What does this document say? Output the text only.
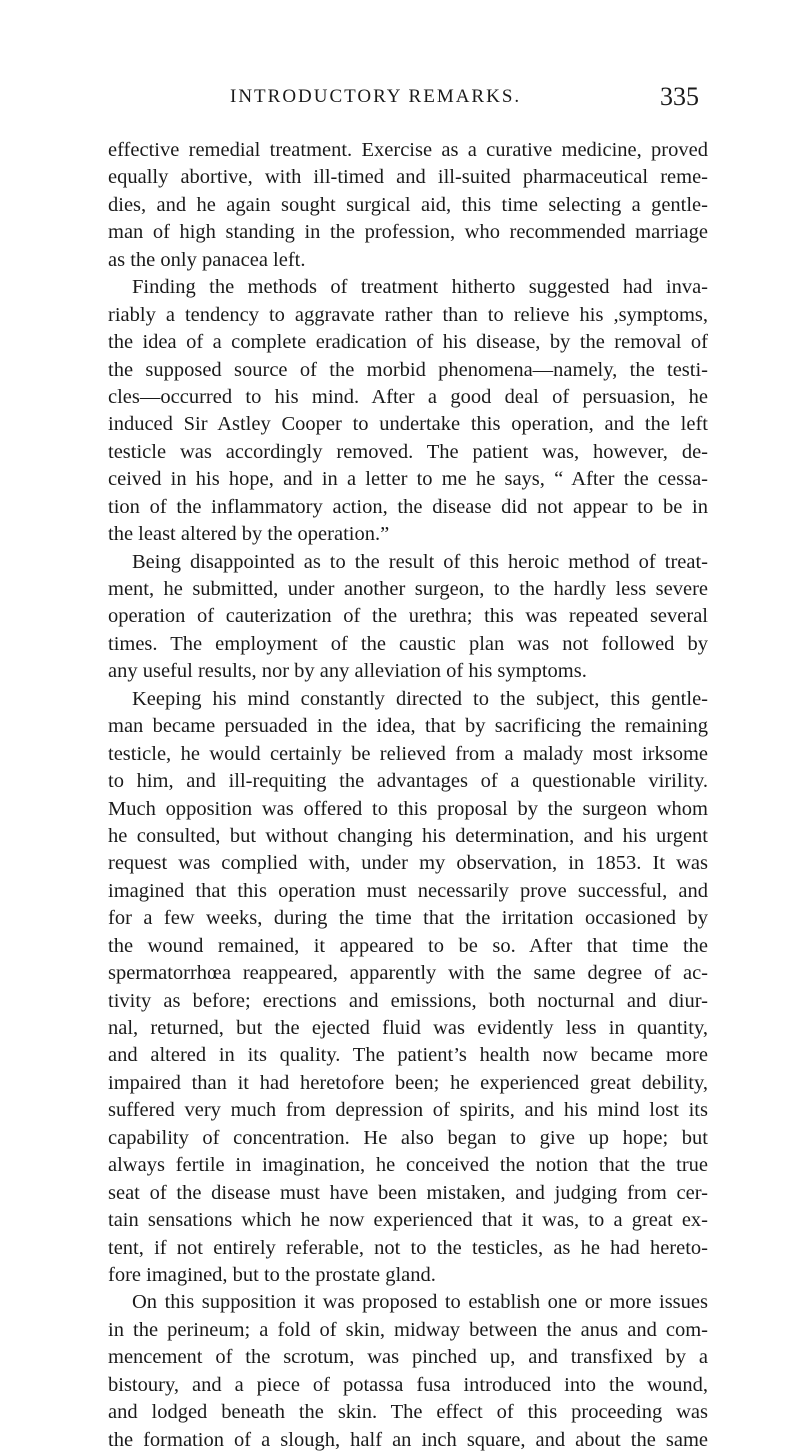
INTRODUCTORY REMARKS.	335
effective remedial treatment. Exercise as a curative medicine, proved
equally abortive, with ill-timed and ill-suited pharmaceutical reme-
dies, and he again sought surgical aid, this time selecting a gentle-
man of high standing in the profession, who recommended marriage
as the only panacea left.
Finding the methods of treatment hitherto suggested had inva-
riably a tendency to aggravate rather than to relieve his ,symptoms,
the idea of a complete eradication of his disease, by the removal of
the supposed source of the morbid phenomena—namely, the testi-
cles—occurred to his mind. After a good deal of persuasion, he
induced Sir Astley Cooper to undertake this operation, and the left
testicle was accordingly removed. The patient was, however, de-
ceived in his hope, and in a letter to me he says, “ After the cessa-
tion of the inflammatory action, the disease did not appear to be in
the least altered by the operation.”
Being disappointed as to the result of this heroic method of treat-
ment, he submitted, under another surgeon, to the hardly less severe
operation of cauterization of the urethra; this was repeated several
times. The employment of the caustic plan was not followed by
any useful results, nor by any alleviation of his symptoms.
Keeping his mind constantly directed to the subject, this gentle-
man became persuaded in the idea, that by sacrificing the remaining
testicle, he would certainly be relieved from a malady most irksome
to him, and ill-requiting the advantages of a questionable virility.
Much opposition was offered to this proposal by the surgeon whom
he consulted, but without changing his determination, and his urgent
request was complied with, under my observation, in 1853. It was
imagined that this operation must necessarily prove successful, and
for a few weeks, during the time that the irritation occasioned by
the wound remained, it appeared to be so. After that time the
spermatorrhœa reappeared, apparently with the same degree of ac-
tivity as before; erections and emissions, both nocturnal and diur-
nal, returned, but the ejected fluid was evidently less in quantity,
and altered in its quality. The patient’s health now became more
impaired than it had heretofore been; he experienced great debility,
suffered very much from depression of spirits, and his mind lost its
capability of concentration. He also began to give up hope; but
always fertile in imagination, he conceived the notion that the true
seat of the disease must have been mistaken, and judging from cer-
tain sensations which he now experienced that it was, to a great ex-
tent, if not entirely referable, not to the testicles, as he had hereto-
fore imagined, but to the prostate gland.
On this supposition it was proposed to establish one or more issues
in the perineum; a fold of skin, midway between the anus and com-
mencement of the scrotum, was pinched up, and transfixed by a
bistoury, and a piece of potassa fusa introduced into the wound,
and lodged beneath the skin. The effect of this proceeding was
the formation of a slough, half an inch square, and about the same
